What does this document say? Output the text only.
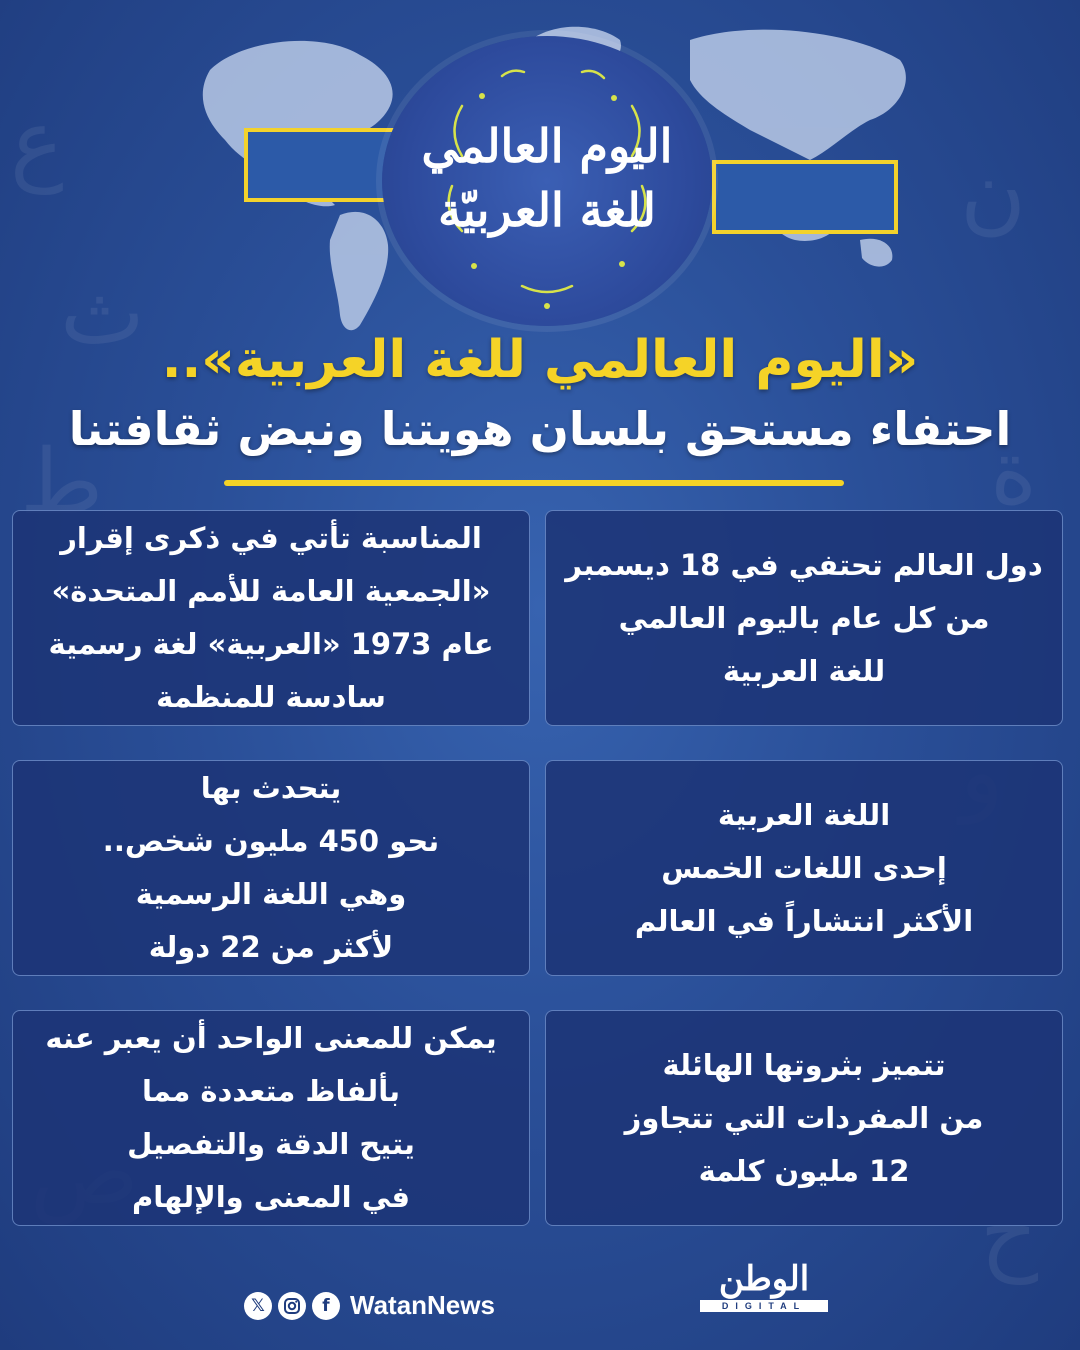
ع	ن
ث
ة
ط
ح
اليوم العالمي
للغة العربيّة
«اليوم العالمي للغة العربية»..
احتفاء مستحق بلسان هويتنا ونبض ثقافتنا
دول العالم تحتفي في 18 ديسمبر
من كل عام باليوم العالمي
للغة العربية
المناسبة تأتي في ذكرى إقرار
«الجمعية العامة للأمم المتحدة»
عام 1973 «العربية» لغة رسمية
سادسة للمنظمة
اللغة العربية
إحدى اللغات الخمس
الأكثر انتشاراً في العالم
يتحدث بها
نحو 450 مليون شخص..
وهي اللغة الرسمية
لأكثر من 22 دولة
تتميز بثروتها الهائلة
من المفردات التي تتجاوز
12 مليون كلمة
يمكن للمعنى الواحد أن يعبر عنه
بألفاظ متعددة مما
يتيح الدقة والتفصيل
في المعنى والإلهام
𝕏	f WatanNews
الوطن
DIGITAL
